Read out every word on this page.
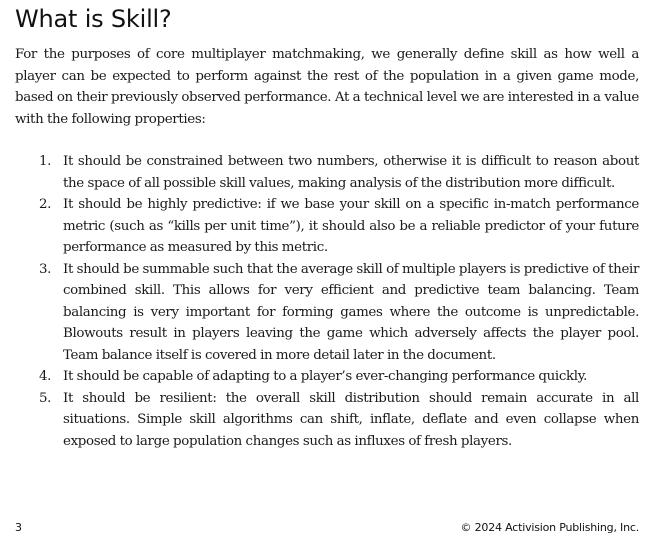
What is Skill?

For the purposes of core multiplayer matchmaking, we generally define skill as how well a player can be expected to perform against the rest of the population in a given game mode, based on their previously observed performance. At a technical level we are interested in a value with the following properties:

1. It should be constrained between two numbers, otherwise it is difficult to reason about the space of all possible skill values, making analysis of the distribution more difficult.
2. It should be highly predictive: if we base your skill on a specific in-match performance metric (such as “kills per unit time”), it should also be a reliable predictor of your future performance as measured by this metric.
3. It should be summable such that the average skill of multiple players is predictive of their combined skill. This allows for very efficient and predictive team balancing. Team balancing is very important for forming games where the outcome is unpredictable. Blowouts result in players leaving the game which adversely affects the player pool. Team balance itself is covered in more detail later in the document.
4. It should be capable of adapting to a player’s ever-changing performance quickly.
5. It should be resilient: the overall skill distribution should remain accurate in all situations. Simple skill algorithms can shift, inflate, deflate and even collapse when exposed to large population changes such as influxes of fresh players.
3	© 2024 Activision Publishing, Inc.
